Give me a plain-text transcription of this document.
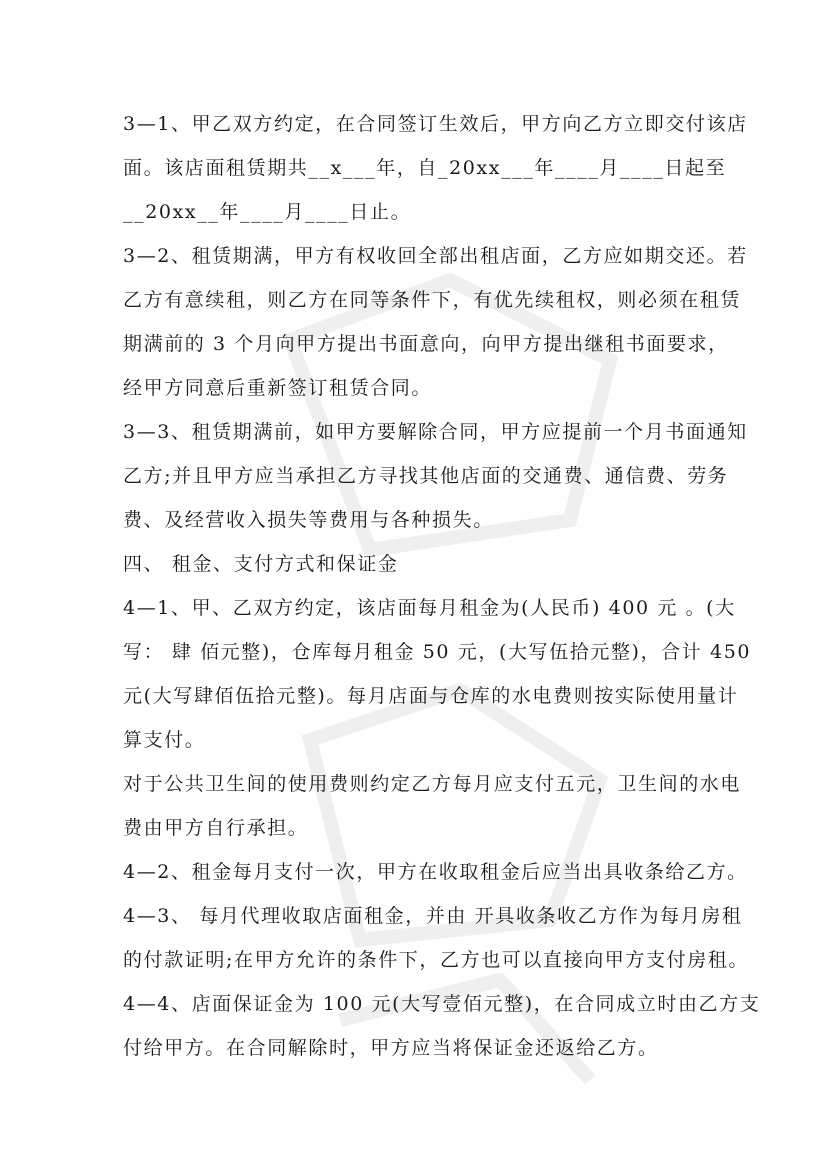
3—1、甲乙双方约定，在合同签订生效后，甲方向乙方立即交付该店
面。该店面租赁期共__x___年，自_20xx___年____月____日起至
__20xx__年____月____日止。
3—2、租赁期满，甲方有权收回全部出租店面，乙方应如期交还。若
乙方有意续租，则乙方在同等条件下，有优先续租权，则必须在租赁
期满前的 3 个月向甲方提出书面意向，向甲方提出继租书面要求，
经甲方同意后重新签订租赁合同。
3—3、租赁期满前，如甲方要解除合同，甲方应提前一个月书面通知
乙方;并且甲方应当承担乙方寻找其他店面的交通费、通信费、劳务
费、及经营收入损失等费用与各种损失。
四、 租金、支付方式和保证金
4—1、甲、乙双方约定，该店面每月租金为(人民币) 400 元 。(大
写： 肆 佰元整)，仓库每月租金 50 元，(大写伍拾元整)，合计 450
元(大写肆佰伍拾元整)。每月店面与仓库的水电费则按实际使用量计
算支付。
对于公共卫生间的使用费则约定乙方每月应支付五元，卫生间的水电
费由甲方自行承担。
4—2、租金每月支付一次，甲方在收取租金后应当出具收条给乙方。
4—3、 每月代理收取店面租金，并由 开具收条收乙方作为每月房租
的付款证明;在甲方允许的条件下，乙方也可以直接向甲方支付房租。
4—4、店面保证金为 100 元(大写壹佰元整)，在合同成立时由乙方支
付给甲方。在合同解除时，甲方应当将保证金还返给乙方。
